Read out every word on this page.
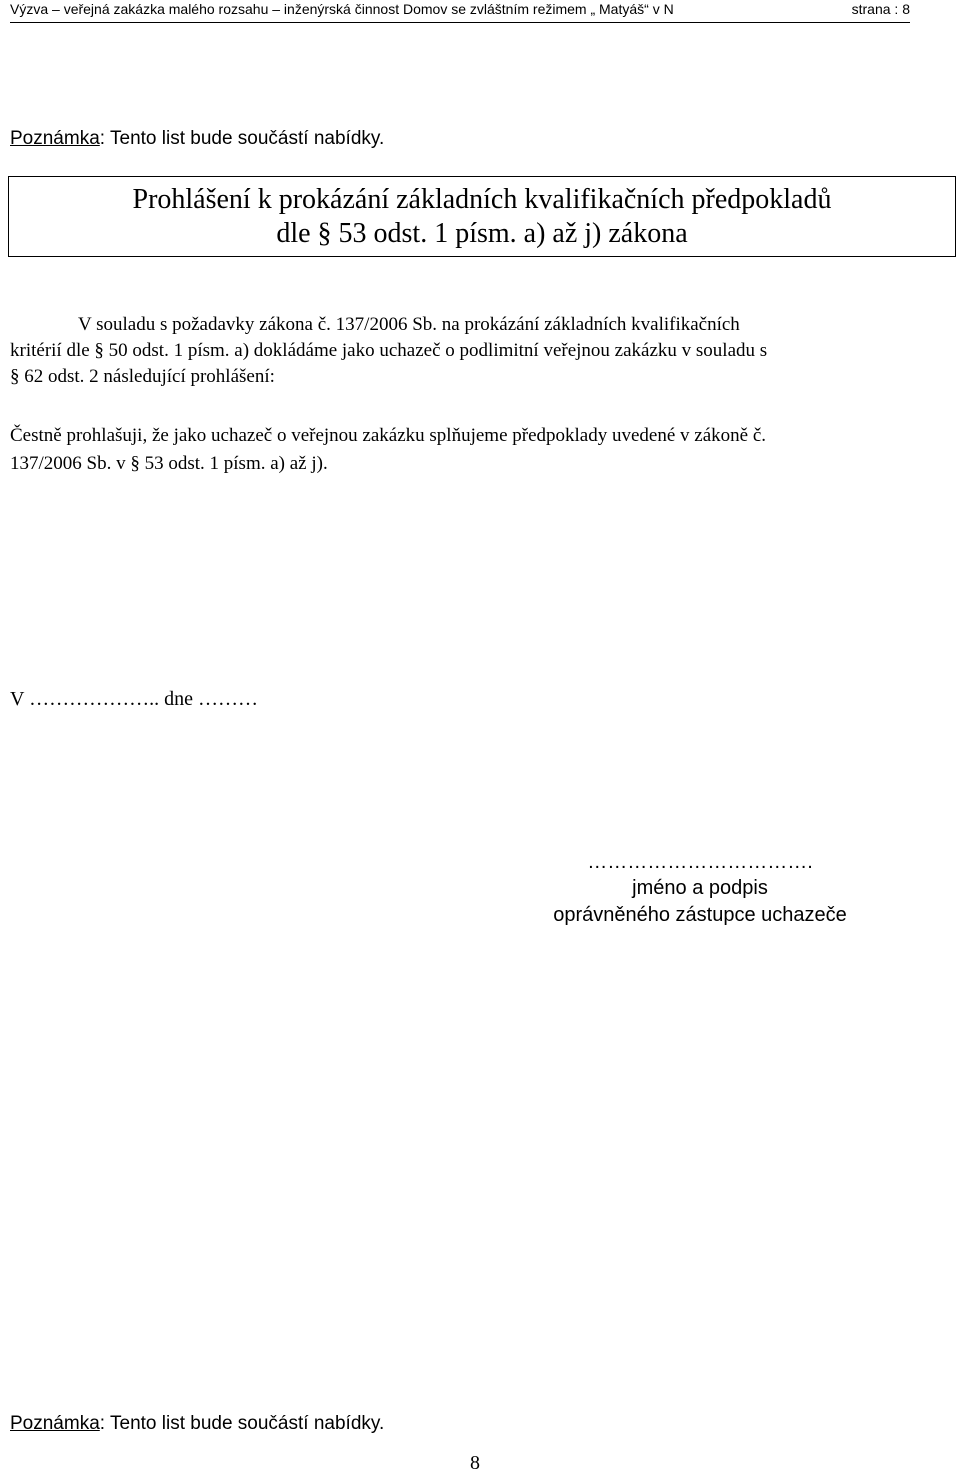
Výzva – veřejná zakázka malého rozsahu – inženýrská činnost Domov se zvláštním režimem „ Matyáš“ v N	strana : 8
Poznámka: Tento list bude součástí nabídky.
Prohlášení k prokázání základních kvalifikačních předpokladů
dle § 53 odst. 1 písm. a) až j) zákona
V souladu s požadavky zákona č. 137/2006 Sb. na prokázání základních kvalifikačních
kritérií dle § 50 odst. 1 písm. a) dokládáme jako uchazeč o podlimitní veřejnou zakázku v souladu s
§ 62 odst. 2 následující prohlášení:
Čestně prohlašuji, že jako uchazeč o veřejnou zakázku splňujeme předpoklady uvedené v zákoně č.
137/2006 Sb. v § 53 odst. 1 písm. a) až j).
V ……………….. dne ………
…………………………….
jméno a podpis
oprávněného zástupce uchazeče
Poznámka: Tento list bude součástí nabídky.
8
